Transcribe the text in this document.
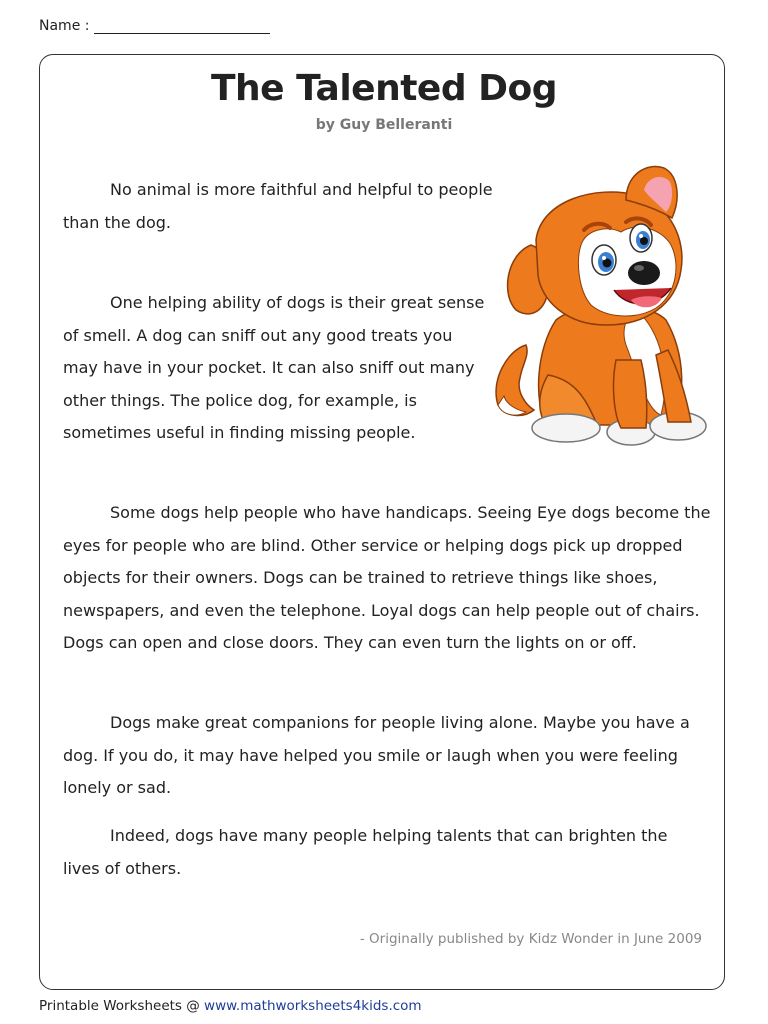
Name :
The Talented Dog
by Guy Belleranti

No animal is more faithful and helpful to people than the dog.

One helping ability of dogs is their great sense of smell. A dog can sniff out any good treats you may have in your pocket. It can also sniff out many other things. The police dog, for example, is sometimes useful in finding missing people.

Some dogs help people who have handicaps. Seeing Eye dogs become the eyes for people who are blind. Other service or helping dogs pick up dropped objects for their owners. Dogs can be trained to retrieve things like shoes, newspapers, and even the telephone. Loyal dogs can help people out of chairs. Dogs can open and close doors. They can even turn the lights on or off.

Dogs make great companions for people living alone. Maybe you have a dog. If you do, it may have helped you smile or laugh when you were feeling lonely or sad.

Indeed, dogs have many people helping talents that can brighten the lives of others.

- Originally published by Kidz Wonder in June 2009
Printable Worksheets @ www.mathworksheets4kids.com
